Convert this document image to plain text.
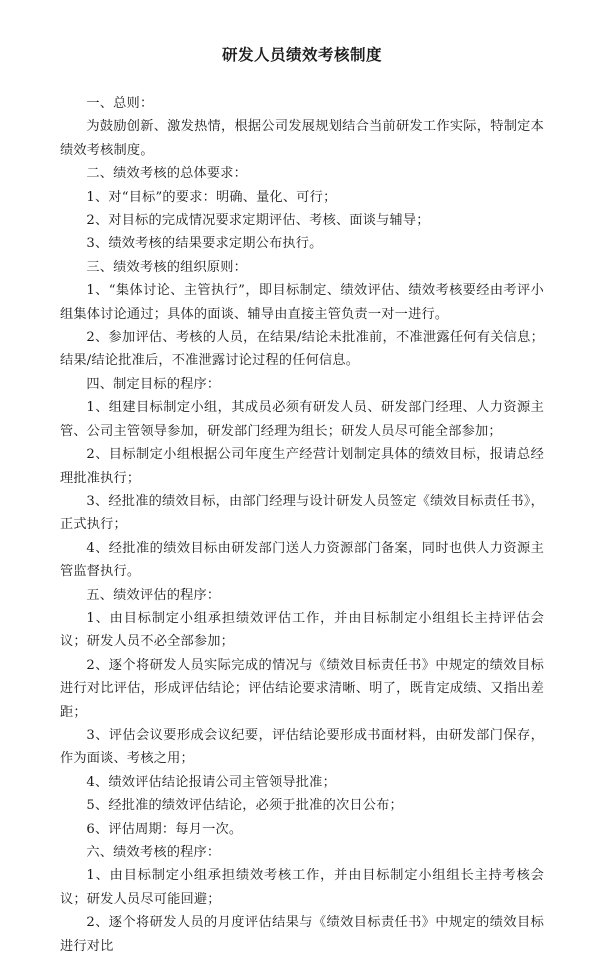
研发人员绩效考核制度

一、总则：

为鼓励创新、激发热情，根据公司发展规划结合当前研发工作实际，特制定本绩效考核制度。

二、绩效考核的总体要求：

1、对“目标”的要求：明确、量化、可行；

2、对目标的完成情况要求定期评估、考核、面谈与辅导；

3、绩效考核的结果要求定期公布执行。

三、绩效考核的组织原则：

1、“集体讨论、主管执行”，即目标制定、绩效评估、绩效考核要经由考评小组集体讨论通过；具体的面谈、辅导由直接主管负责一对一进行。

2、参加评估、考核的人员，在结果/结论未批准前，不准泄露任何有关信息；结果/结论批准后，不准泄露讨论过程的任何信息。

四、制定目标的程序：

1、组建目标制定小组，其成员必须有研发人员、研发部门经理、人力资源主管、公司主管领导参加，研发部门经理为组长；研发人员尽可能全部参加；

2、目标制定小组根据公司年度生产经营计划制定具体的绩效目标，报请总经理批准执行；

3、经批准的绩效目标，由部门经理与设计研发人员签定《绩效目标责任书》，正式执行；

4、经批准的绩效目标由研发部门送人力资源部门备案，同时也供人力资源主管监督执行。

五、绩效评估的程序：

1、由目标制定小组承担绩效评估工作，并由目标制定小组组长主持评估会议；研发人员不必全部参加；

2、逐个将研发人员实际完成的情况与《绩效目标责任书》中规定的绩效目标进行对比评估，形成评估结论；评估结论要求清晰、明了，既肯定成绩、又指出差距；

3、评估会议要形成会议纪要，评估结论要形成书面材料，由研发部门保存，作为面谈、考核之用；

4、绩效评估结论报请公司主管领导批准；

5、经批准的绩效评估结论，必须于批准的次日公布；

6、评估周期：每月一次。

六、绩效考核的程序：

1、由目标制定小组承担绩效考核工作，并由目标制定小组组长主持考核会议；研发人员尽可能回避；

2、逐个将研发人员的月度评估结果与《绩效目标责任书》中规定的绩效目标进行对比
